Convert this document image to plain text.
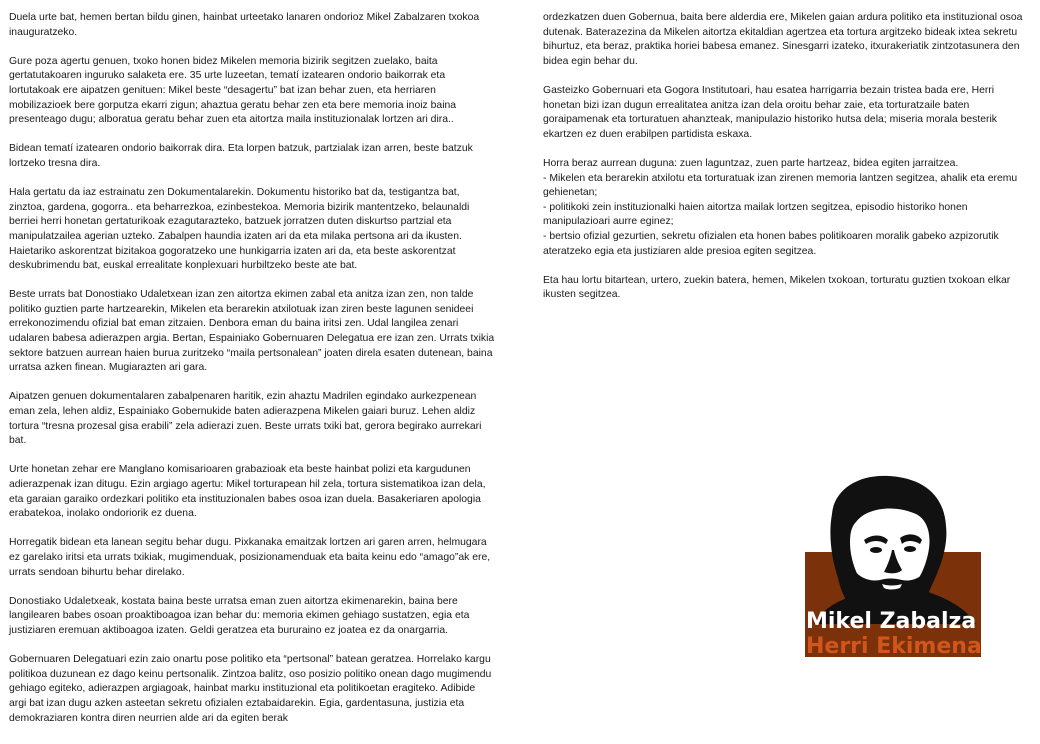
Duela urte bat, hemen bertan bildu ginen, hainbat urteetako lanaren ondorioz Mikel Zabalzaren txokoa inauguratzeko.

Gure poza agertu genuen, txoko honen bidez Mikelen memoria bizirik segitzen zuelako, baita gertatutakoaren inguruko salaketa ere. 35 urte luzeetan, tematí izatearen ondorio baikorrak eta lortutakoak ere aipatzen genituen: Mikel beste “desagertu” bat izan behar zuen, eta herriaren mobilizazioek bere gorputza ekarri zigun; ahaztua geratu behar zen eta bere memoria inoiz baina presenteago dugu; alboratua geratu behar zuen eta aitortza maila instituzionalak lortzen ari dira..

Bidean tematí izatearen ondorio baikorrak dira. Eta lorpen batzuk, partzialak izan arren, beste batzuk lortzeko tresna dira.

Hala gertatu da iaz estrainatu zen Dokumentalarekin. Dokumentu historiko bat da, testigantza bat, zinztoa, gardena, gogorra.. eta beharrezkoa, ezinbestekoa. Memoria bizirik mantentzeko, belaunaldi berriei herri honetan gertaturikoak ezagutarazteko, batzuek jorratzen duten diskurtso partzial eta manipulatzailea agerian uzteko. Zabalpen haundia izaten ari da eta milaka pertsona ari da ikusten. Haietariko askorentzat bizitakoa gogoratzeko une hunkigarria izaten ari da, eta beste askorentzat deskubrimendu bat, euskal errealitate konplexuari hurbiltzeko beste ate bat.

Beste urrats bat Donostiako Udaletxean izan zen aitortza ekimen zabal eta anitza izan zen, non talde politiko guztien parte hartzearekin, Mikelen eta berarekin atxilotuak izan ziren beste lagunen senideei errekonozimendu ofizial bat eman zitzaien. Denbora eman du baina iritsi zen. Udal langilea zenari udalaren babesa adierazpen argia. Bertan, Espainiako Gobernuaren Delegatua ere izan zen. Urrats txikia sektore batzuen aurrean haien burua zuritzeko “maila pertsonalean” joaten direla esaten dutenean, baina urratsa azken finean. Mugiarazten ari gara.

Aipatzen genuen dokumentalaren zabalpenaren haritik, ezin ahaztu Madrilen egindako aurkezpenean eman zela, lehen aldiz, Espainiako Gobernukide baten adierazpena Mikelen gaiari buruz. Lehen aldiz tortura “tresna prozesal gisa erabili” zela adierazi zuen. Beste urrats txiki bat, gerora begirako aurrekari bat.

Urte honetan zehar ere Manglano komisarioaren grabazioak eta beste hainbat polizi eta kargudunen adierazpenak izan ditugu. Ezin argiago agertu: Mikel torturapean hil zela, tortura sistematikoa izan dela, eta garaian garaiko ordezkari politiko eta instituzionalen babes osoa izan duela. Basakeriaren apologia erabatekoa, inolako ondoriorik ez duena.

Horregatik bidean eta lanean segitu behar dugu. Pixkanaka emaitzak lortzen ari garen arren, helmugara ez garelako iritsi eta urrats txikiak, mugimenduak, posizionamenduak eta baita keinu edo “amago”ak ere, urrats sendoan bihurtu behar direlako.

Donostiako Udaletxeak, kostata baina beste urratsa eman zuen aitortza ekimenarekin, baina bere langilearen babes osoan proaktiboagoa izan behar du: memoria ekimen gehiago sustatzen, egia eta justiziaren eremuan aktiboagoa izaten. Geldi geratzea eta bururaino ez joatea ez da onargarria.

Gobernuaren Delegatuari ezin zaio onartu pose politiko eta “pertsonal” batean geratzea. Horrelako kargu politikoa duzunean ez dago keinu pertsonalik. Zintzoa balitz, oso posizio politiko onean dago mugimendu gehiago egiteko, adierazpen argiagoak, hainbat marku instituzional eta politikoetan eragiteko. Adibide argi bat izan dugu azken asteetan sekretu ofizialen eztabaidarekin. Egia, gardentasuna, justizia eta demokraziaren kontra diren neurrien alde ari da egiten berak

ordezkatzen duen Gobernua, baita bere alderdia ere, Mikelen gaian ardura politiko eta instituzional osoa dutenak. Baterazezina da Mikelen aitortza ekitaldian agertzea eta tortura argitzeko bideak ixtea sekretu bihurtuz, eta beraz, praktika horiei babesa emanez. Sinesgarri izateko, itxurakeriatik zintzotasunera den bidea egin behar du.

Gasteizko Gobernuari eta Gogora Institutoari, hau esatea harrigarria bezain tristea bada ere, Herri honetan bizi izan dugun errealitatea anitza izan dela oroitu behar zaie, eta torturatzaile baten goraipamenak eta torturatuen ahanzteak, manipulazio historiko hutsa dela; miseria morala besterik ekartzen ez duen erabilpen partidista eskaxa.

Horra beraz aurrean duguna: zuen laguntzaz, zuen parte hartzeaz, bidea egiten jarraitzea.
- Mikelen eta berarekin atxilotu eta torturatuak izan zirenen memoria lantzen segitzea, ahalik eta eremu gehienetan;
- politikoki zein instituzionalki haien aitortza mailak lortzen segitzea, episodio historiko honen manipulazioari aurre eginez;
- bertsio ofizial gezurtien, sekretu ofizialen eta honen babes politikoaren moralik gabeko azpizorutik ateratzeko egia eta justiziaren alde presioa egiten segitzea.

Eta hau lortu bitartean, urtero, zuekin batera, hemen, Mikelen txokoan, torturatu guztien txokoan elkar ikusten segitzea.

Mikel Zabalza
Herri Ekimena
